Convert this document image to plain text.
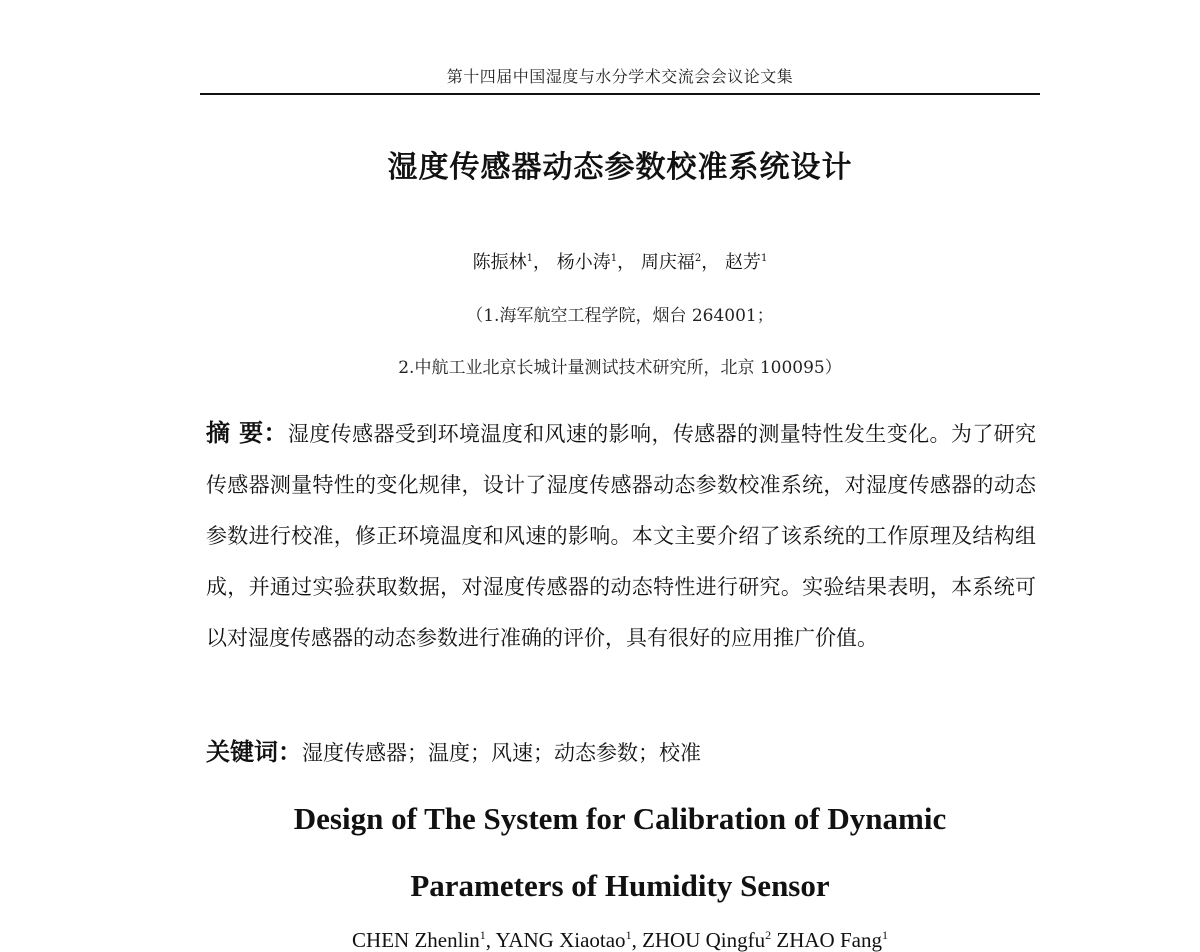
第十四届中国湿度与水分学术交流会会议论文集
湿度传感器动态参数校准系统设计
陈振林$^1$， 杨小涛$^1$， 周庆福$^2$， 赵芳$^1$
（1.海军航空工程学院，烟台 264001；
2.中航工业北京长城计量测试技术研究所，北京 100095）
摘 要：湿度传感器受到环境温度和风速的影响，传感器的测量特性发生变化。为了研究传感器测量特性的变化规律，设计了湿度传感器动态参数校准系统，对湿度传感器的动态参数进行校准，修正环境温度和风速的影响。本文主要介绍了该系统的工作原理及结构组成，并通过实验获取数据，对湿度传感器的动态特性进行研究。实验结果表明，本系统可以对湿度传感器的动态参数进行准确的评价，具有很好的应用推广价值。
关键词：湿度传感器；温度；风速；动态参数；校准
Design of The System for Calibration of Dynamic
Parameters of Humidity Sensor
CHEN Zhenlin$^1$, YANG Xiaotao$^1$, ZHOU Qingfu$^2$ ZHAO Fang$^1$
